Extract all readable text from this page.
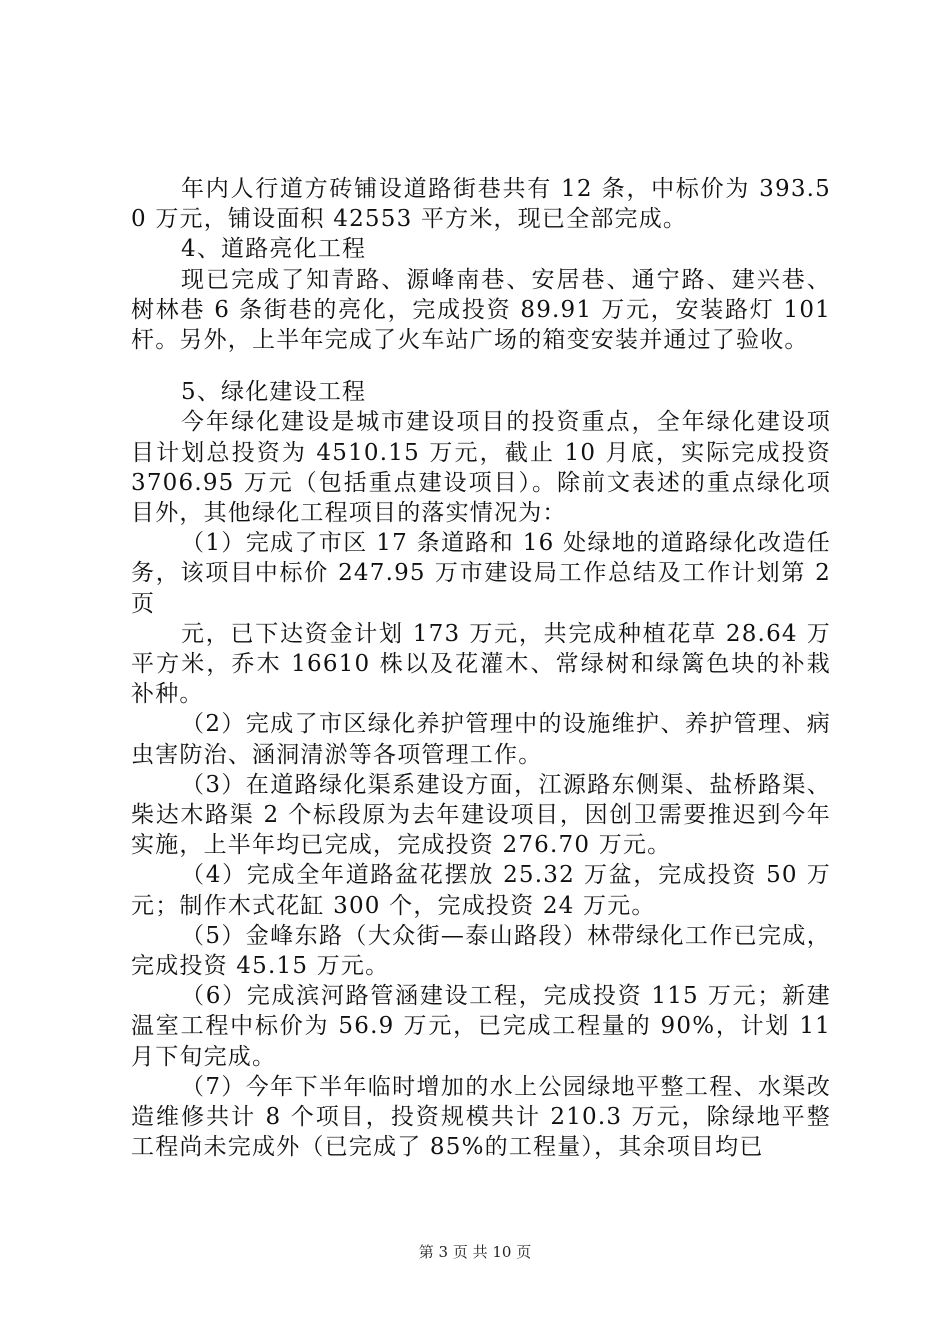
年内人行道方砖铺设道路街巷共有 12 条，中标价为 393.50 万元，铺设面积 42553 平方米，现已全部完成。

4、道路亮化工程

现已完成了知青路、源峰南巷、安居巷、通宁路、建兴巷、树林巷 6 条街巷的亮化，完成投资 89.91 万元，安装路灯 101 杆。另外，上半年完成了火车站广场的箱变安装并通过了验收。

5、绿化建设工程

今年绿化建设是城市建设项目的投资重点，全年绿化建设项目计划总投资为 4510.15 万元，截止 10 月底，实际完成投资 3706.95 万元（包括重点建设项目）。除前文表述的重点绿化项目外，其他绿化工程项目的落实情况为：

（1）完成了市区 17 条道路和 16 处绿地的道路绿化改造任务，该项目中标价 247.95 万市建设局工作总结及工作计划第 2 页

元，已下达资金计划 173 万元，共完成种植花草 28.64 万平方米，乔木 16610 株以及花灌木、常绿树和绿篱色块的补栽补种。

（2）完成了市区绿化养护管理中的设施维护、养护管理、病虫害防治、涵洞清淤等各项管理工作。

（3）在道路绿化渠系建设方面，江源路东侧渠、盐桥路渠、柴达木路渠 2 个标段原为去年建设项目，因创卫需要推迟到今年实施，上半年均已完成，完成投资 276.70 万元。

（4）完成全年道路盆花摆放 25.32 万盆，完成投资 50 万元；制作木式花缸 300 个，完成投资 24 万元。

（5）金峰东路（大众街—泰山路段）林带绿化工作已完成，完成投资 45.15 万元。

（6）完成滨河路管涵建设工程，完成投资 115 万元；新建温室工程中标价为 56.9 万元，已完成工程量的 90%，计划 11 月下旬完成。

（7）今年下半年临时增加的水上公园绿地平整工程、水渠改造维修共计 8 个项目，投资规模共计 210.3 万元，除绿地平整工程尚未完成外（已完成了 85%的工程量），其余项目均已

第 3 页 共 10 页
